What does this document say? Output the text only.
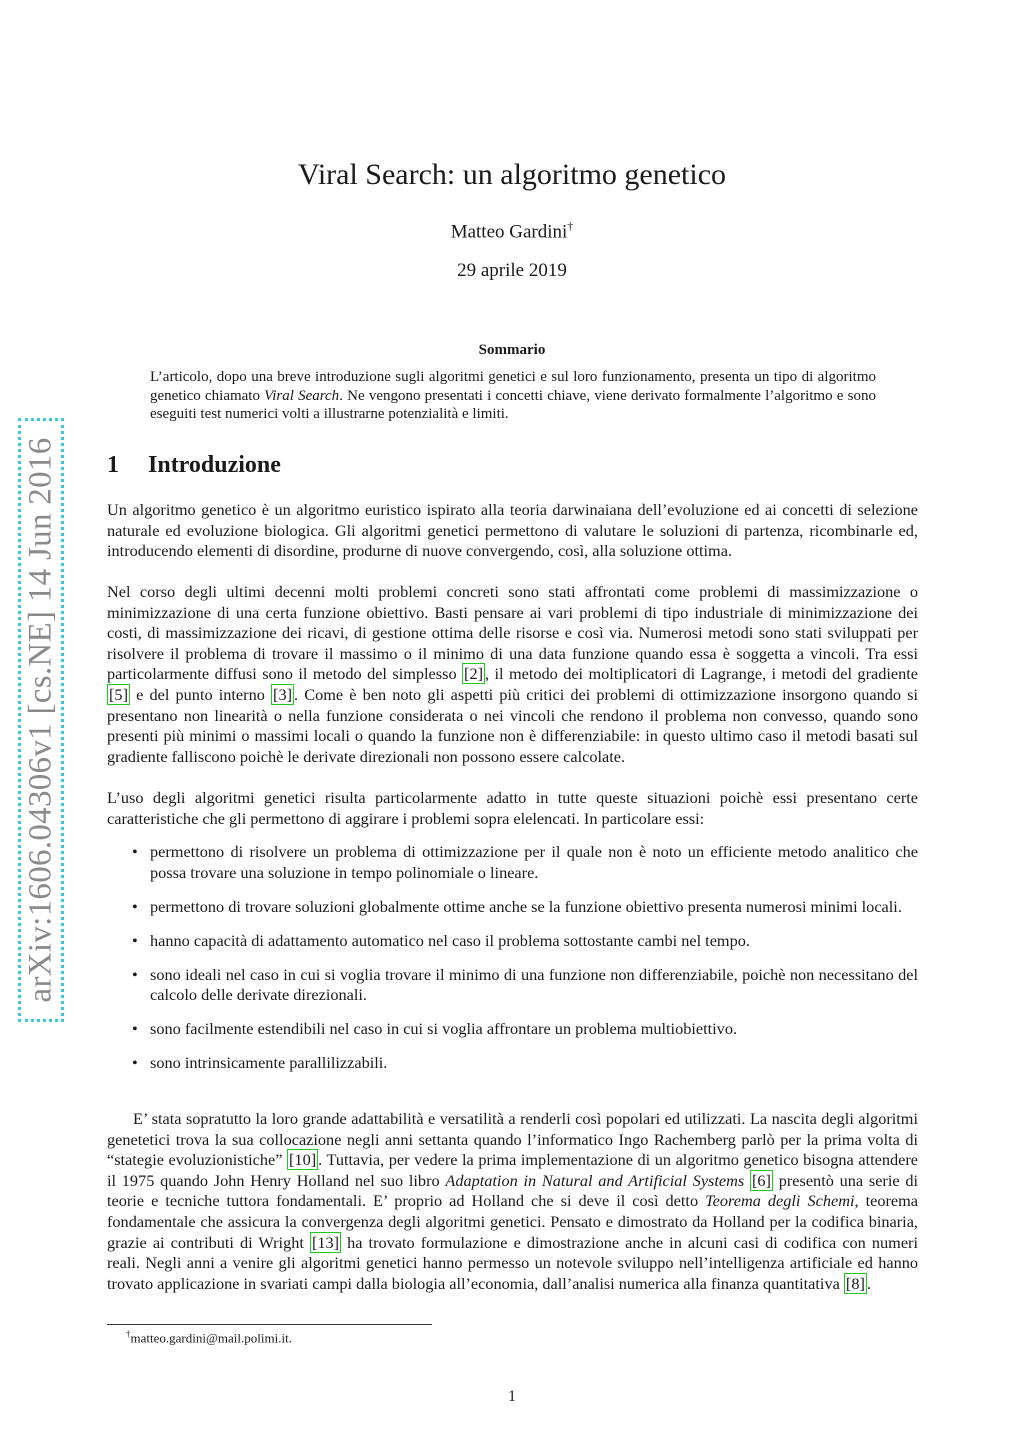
arXiv:1606.04306v1 [cs.NE] 14 Jun 2016
Viral Search: un algoritmo genetico
Matteo Gardini†
29 aprile 2019
Sommario

L’articolo, dopo una breve introduzione sugli algoritmi genetici e sul loro funzionamento, presenta un tipo di algoritmo genetico chiamato Viral Search. Ne vengono presentati i concetti chiave, viene derivato formalmente l’algoritmo e sono eseguiti test numerici volti a illustrarne potenzialità e limiti.

1 Introduzione

Un algoritmo genetico è un algoritmo euristico ispirato alla teoria darwinaiana dell’evoluzione ed ai concetti di selezione naturale ed evoluzione biologica. Gli algoritmi genetici permettono di valutare le soluzioni di partenza, ricombinarle ed, introducendo elementi di disordine, produrne di nuove convergendo, così, alla soluzione ottima.

Nel corso degli ultimi decenni molti problemi concreti sono stati affrontati come problemi di massimizzazione o minimizzazione di una certa funzione obiettivo. Basti pensare ai vari problemi di tipo industriale di minimizzazione dei costi, di massimizzazione dei ricavi, di gestione ottima delle risorse e così via. Numerosi metodi sono stati sviluppati per risolvere il problema di trovare il massimo o il minimo di una data funzione quando essa è soggetta a vincoli. Tra essi particolarmente diffusi sono il metodo del simplesso [2] , il metodo dei moltiplicatori di Lagrange, i metodi del gradiente [5] e del punto interno [3] . Come è ben noto gli aspetti più critici dei problemi di ottimizzazione insorgono quando si presentano non linearità o nella funzione considerata o nei vincoli che rendono il problema non convesso, quando sono presenti più minimi o massimi locali o quando la funzione non è differenziabile: in questo ultimo caso il metodi basati sul gradiente falliscono poichè le derivate direzionali non possono essere calcolate.

L’uso degli algoritmi genetici risulta particolarmente adatto in tutte queste situazioni poichè essi presentano certe caratteristiche che gli permettono di aggirare i problemi sopra elelencati. In particolare essi:

• permettono di risolvere un problema di ottimizzazione per il quale non è noto un efficiente metodo analitico che possa trovare una soluzione in tempo polinomiale o lineare.
• permettono di trovare soluzioni globalmente ottime anche se la funzione obiettivo presenta numerosi minimi locali.
• hanno capacità di adattamento automatico nel caso il problema sottostante cambi nel tempo.
• sono ideali nel caso in cui si voglia trovare il minimo di una funzione non differenziabile, poichè non necessitano del calcolo delle derivate direzionali.
• sono facilmente estendibili nel caso in cui si voglia affrontare un problema multiobiettivo.
• sono intrinsicamente parallilizzabili.

E’ stata sopratutto la loro grande adattabilità e versatilità a renderli così popolari ed utilizzati. La nascita degli algoritmi genetetici trova la sua collocazione negli anni settanta quando l’informatico Ingo Rachemberg parlò per la prima volta di “stategie evoluzionistiche” [10] . Tuttavia, per vedere la prima implementazione di un algoritmo genetico bisogna attendere il 1975 quando John Henry Holland nel suo libro Adaptation in Natural and Artificial Systems [6] presentò una serie di teorie e tecniche tuttora fondamentali. E’ proprio ad Holland che si deve il così detto Teorema degli Schemi, teorema fondamentale che assicura la convergenza degli algoritmi genetici. Pensato e dimostrato da Holland per la codifica binaria, grazie ai contributi di Wright [13] ha trovato formulazione e dimostrazione anche in alcuni casi di codifica con numeri reali. Negli anni a venire gli algoritmi genetici hanno permesso un notevole sviluppo nell’intelligenza artificiale ed hanno trovato applicazione in svariati campi dalla biologia all’economia, dall’analisi numerica alla finanza quantitativa [8] .

†matteo.gardini@mail.polimi.it.
1
